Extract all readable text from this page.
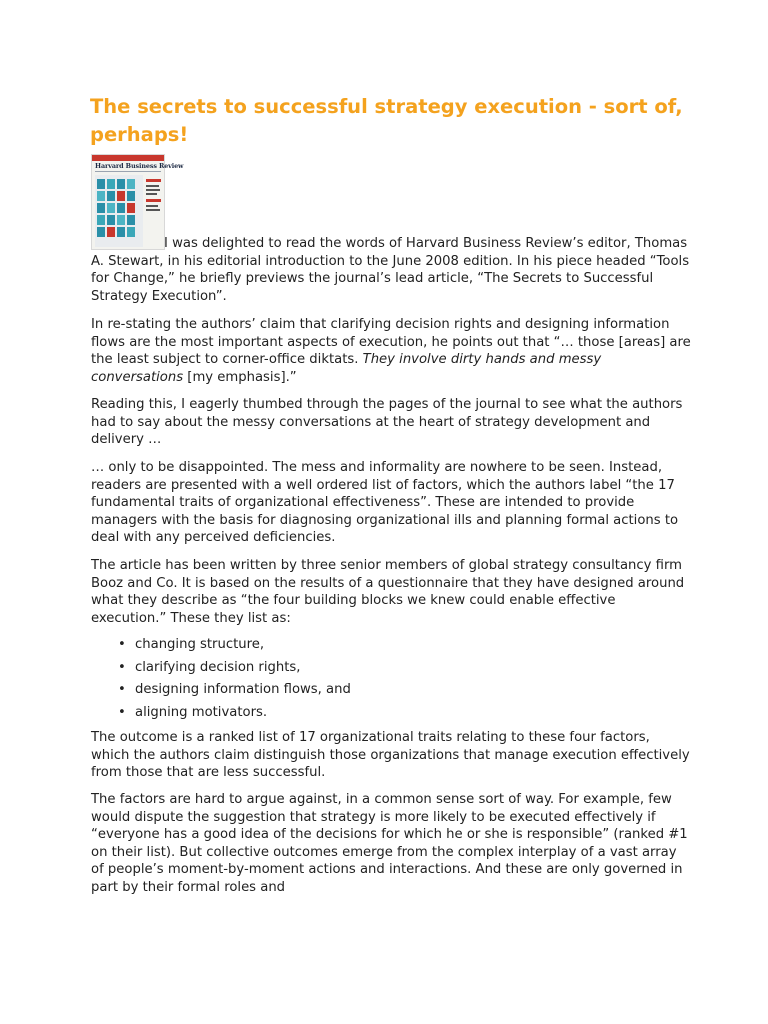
The secrets to successful strategy execution - sort of, perhaps!
Harvard Business Review

I was delighted to read the words of Harvard Business Review’s editor, Thomas A. Stewart, in his editorial introduction to the June 2008 edition. In his piece headed “Tools for Change,” he briefly previews the journal’s lead article, “The Secrets to Successful Strategy Execution”.

In re-stating the authors’ claim that clarifying decision rights and designing information flows are the most important aspects of execution, he points out that “… those [areas] are the least subject to corner-office diktats. They involve dirty hands and messy conversations [my emphasis].”

Reading this, I eagerly thumbed through the pages of the journal to see what the authors had to say about the messy conversations at the heart of strategy development and delivery …

… only to be disappointed. The mess and informality are nowhere to be seen. Instead, readers are presented with a well ordered list of factors, which the authors label “the 17 fundamental traits of organizational effectiveness”. These are intended to provide managers with the basis for diagnosing organizational ills and planning formal actions to deal with any perceived deficiencies.

The article has been written by three senior members of global strategy consultancy firm Booz and Co. It is based on the results of a questionnaire that they have designed around what they describe as “the four building blocks we knew could enable effective execution.” These they list as:

• changing structure,
• clarifying decision rights,
• designing information flows, and
• aligning motivators.

The outcome is a ranked list of 17 organizational traits relating to these four factors, which the authors claim distinguish those organizations that manage execution effectively from those that are less successful.

The factors are hard to argue against, in a common sense sort of way. For example, few would dispute the suggestion that strategy is more likely to be executed effectively if “everyone has a good idea of the decisions for which he or she is responsible” (ranked #1 on their list). But collective outcomes emerge from the complex interplay of a vast array of people’s moment-by-moment actions and interactions. And these are only governed in part by their formal roles and
